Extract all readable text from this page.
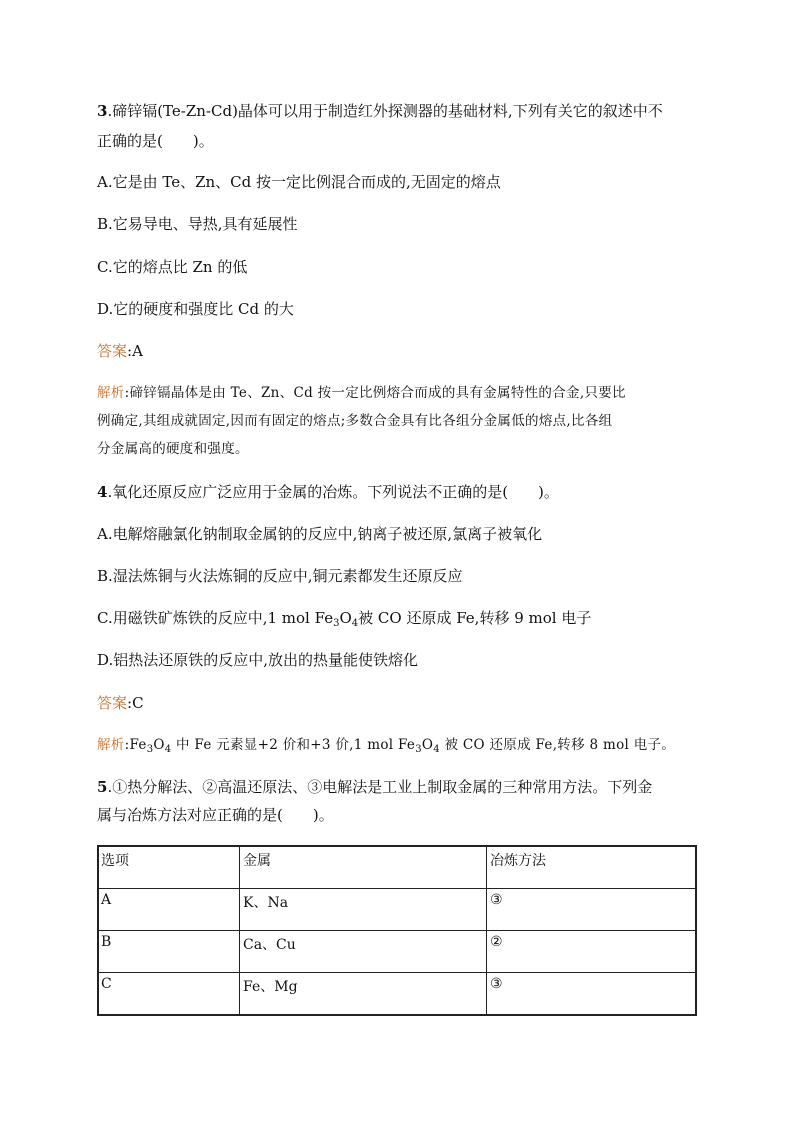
3.碲锌镉(Te-Zn-Cd)晶体可以用于制造红外探测器的基础材料,下列有关它的叙述中不
正确的是(　　)。
A.它是由 Te、Zn、Cd 按一定比例混合而成的,无固定的熔点
B.它易导电、导热,具有延展性
C.它的熔点比 Zn 的低
D.它的硬度和强度比 Cd 的大
答案:A
解析:碲锌镉晶体是由 Te、Zn、Cd 按一定比例熔合而成的具有金属特性的合金,只要比
例确定,其组成就固定,因而有固定的熔点;多数合金具有比各组分金属低的熔点,比各组
分金属高的硬度和强度。
4.氧化还原反应广泛应用于金属的冶炼。下列说法不正确的是(　　)。
A.电解熔融氯化钠制取金属钠的反应中,钠离子被还原,氯离子被氧化
B.湿法炼铜与火法炼铜的反应中,铜元素都发生还原反应
C.用磁铁矿炼铁的反应中,1 mol $Fe_3O_4$被 CO 还原成 Fe,转移 9 mol 电子
D.铝热法还原铁的反应中,放出的热量能使铁熔化
答案:C
解析$:Fe_3O_4$ 中 Fe 元素显+2 价和+3 价,1 mol $Fe_3O_4$ 被 CO 还原成 Fe,转移 8 mol 电子。
5.①热分解法、②高温还原法、③电解法是工业上制取金属的三种常用方法。下列金
属与冶炼方法对应正确的是(　　)。
选项	金属	冶炼方法
A	K、Na	③
B	Ca、Cu	②
C	Fe、Mg	③
